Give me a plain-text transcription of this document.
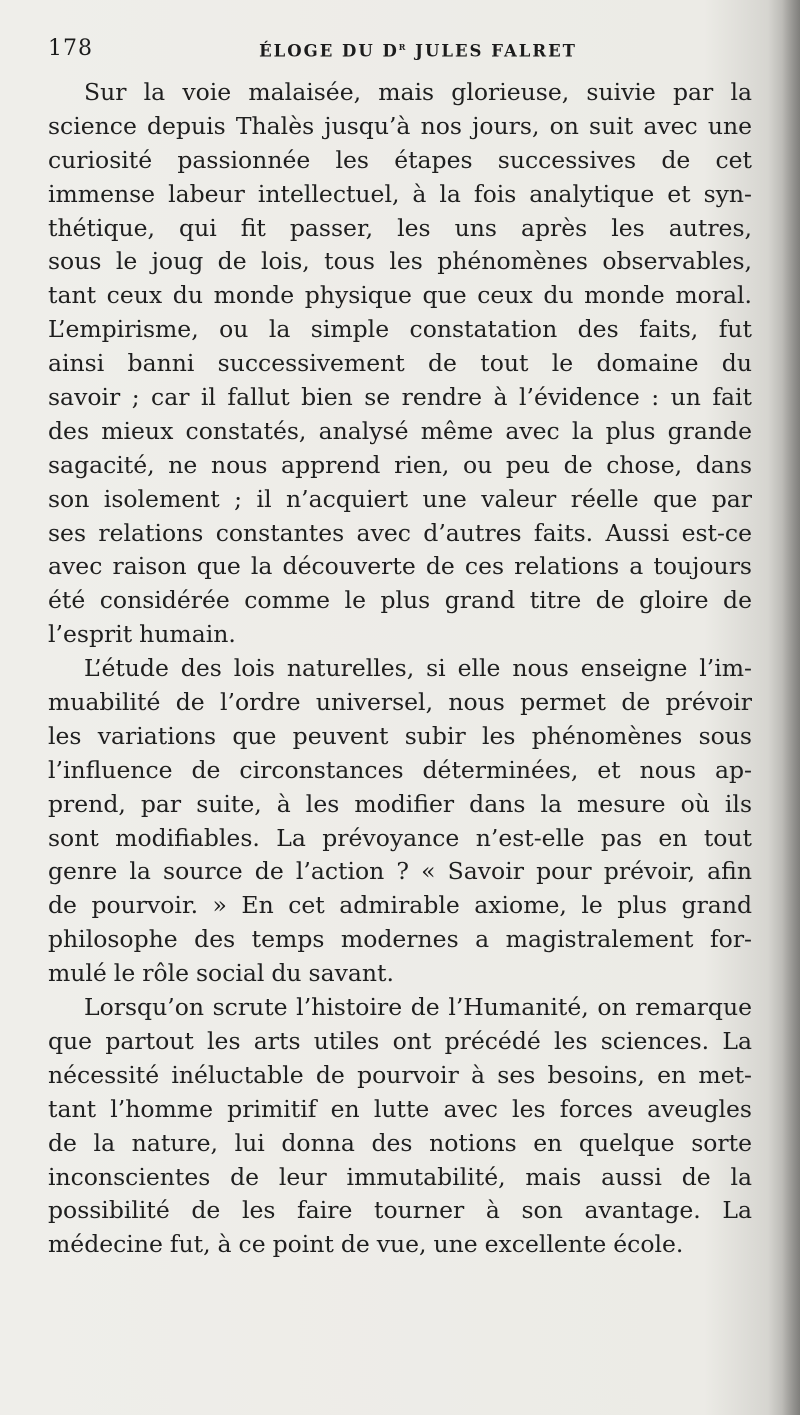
178	ÉLOGE DU $D^r$ JULES FALRET
Sur la voie malaisée, mais glorieuse, suivie par la
science depuis Thalès jusqu’à nos jours, on suit avec une
curiosité passionnée les étapes successives de cet
immense labeur intellectuel, à la fois analytique et syn-
thétique, qui fit passer, les uns après les autres,
sous le joug de lois, tous les phénomènes observables,
tant ceux du monde physique que ceux du monde moral.
L’empirisme, ou la simple constatation des faits, fut
ainsi banni successivement de tout le domaine du
savoir ; car il fallut bien se rendre à l’évidence : un fait
des mieux constatés, analysé même avec la plus grande
sagacité, ne nous apprend rien, ou peu de chose, dans
son isolement ; il n’acquiert une valeur réelle que par
ses relations constantes avec d’autres faits. Aussi est-ce
avec raison que la découverte de ces relations a toujours
été considérée comme le plus grand titre de gloire de
l’esprit humain.
L’étude des lois naturelles, si elle nous enseigne l’im-
muabilité de l’ordre universel, nous permet de prévoir
les variations que peuvent subir les phénomènes sous
l’influence de circonstances déterminées, et nous ap-
prend, par suite, à les modifier dans la mesure où ils
sont modifiables. La prévoyance n’est-elle pas en tout
genre la source de l’action ? « Savoir pour prévoir, afin
de pourvoir. » En cet admirable axiome, le plus grand
philosophe des temps modernes a magistralement for-
mulé le rôle social du savant.
Lorsqu’on scrute l’histoire de l’Humanité, on remarque
que partout les arts utiles ont précédé les sciences. La
nécessité inéluctable de pourvoir à ses besoins, en met-
tant l’homme primitif en lutte avec les forces aveugles
de la nature, lui donna des notions en quelque sorte
inconscientes de leur immutabilité, mais aussi de la
possibilité de les faire tourner à son avantage. La
médecine fut, à ce point de vue, une excellente école.
